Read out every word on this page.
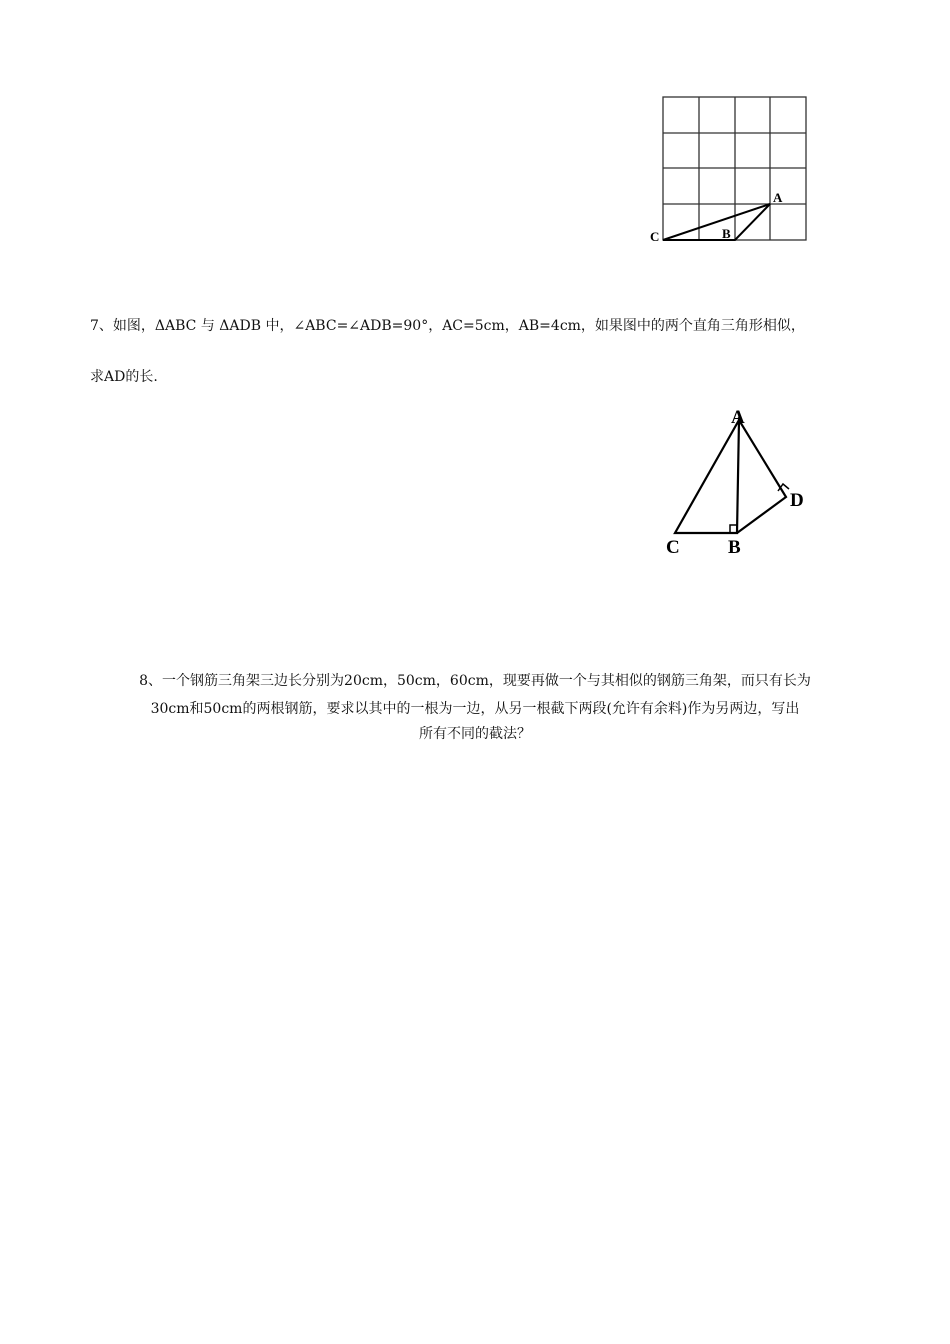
A
B
C
A
B
C
D
7、如图，ΔABC 与 ΔADB 中，∠ABC=∠ADB=90°，AC=5cm，AB=4cm，如果图中的两个直角三角形相似，
求AD的长.
8、一个钢筋三角架三边长分别为20cm，50cm，60cm，现要再做一个与其相似的钢筋三角架，而只有长为
30cm和50cm的两根钢筋，要求以其中的一根为一边，从另一根截下两段(允许有余料)作为另两边，写出
所有不同的截法？
